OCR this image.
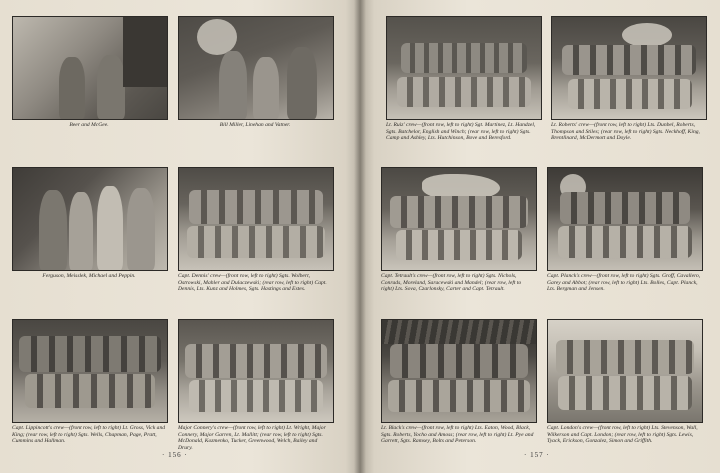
Beer and McGee.	Bill Miller, Linehan and Vatner.	Lt. Ruiz' crew—(front row, left to right) Sgt. Martinez, Lt. Handzel, Sgts. Batchelor, English and Winch; (rear row, left to right) Sgts. Camp and Ashley, Lts. Hutchinson, Bove and Beresford.
Lt. Roberts' crew—(front row, left to right) Lts. Dunbel, Roberts, Thompson and Stiles; (rear row, left to right) Sgts. Neckhoff, King, Brentlinard, McDermott and Doyle.
Ferguson, Meisslek, Michael and Peppin.	Capt. Dennis' crew—(front row, left to right) Sgts. Wolbert, Ostrowski, Mahler and Dulaczewski; (rear row, left to right) Capt. Dennis, Lts. Kunz and Holmes, Sgts. Hastings and Estes.
Capt. Tetrault's crew—(front row, left to right) Sgts. Nichols, Conrads, Moreland, Saracewski and Mandel; (rear row, left to right) Lts. Sova, Czarlonsky, Carter and Capt. Tetrault.
Capt. Planck's crew—(front row, left to right) Sgts. Groff, Cavallero, Garey and Abbot; (rear row, left to right) Lts. Bolles, Capt. Planck, Lts. Bergman and Jensen.
Capt. Lippincott's crew—(front row, left to right) Lt. Gross, Vick and King; (rear row, left to right) Sgts. Wells, Chapman, Page, Pratt, Cummins and Hallman.
Major Connery's crew—(front row, left to right) Lt. Wright, Major Connery, Major Garren, Lt. Mallitt; (rear row, left to right) Sgts. McDonald, Kozmenko, Tucker, Greenwood, Welch, Bailey and Drury.
Lt. Black's crew—(front row, left to right) Lts. Eaton, Wood, Black, Sgts. Roberts, Yocho and Amoss; (rear row, left to right) Lt. Pye and Garrett, Sgts. Ramsey, Bolts and Peterson.
Capt. London's crew—(front row, left to right) Lts. Stevenson, Wall, Wilkerson and Capt. London; (rear row, left to right) Sgts. Lewis, Tyack, Erickson, Gonzalez, Simon and Griffith.
· 156 ·	· 157 ·
